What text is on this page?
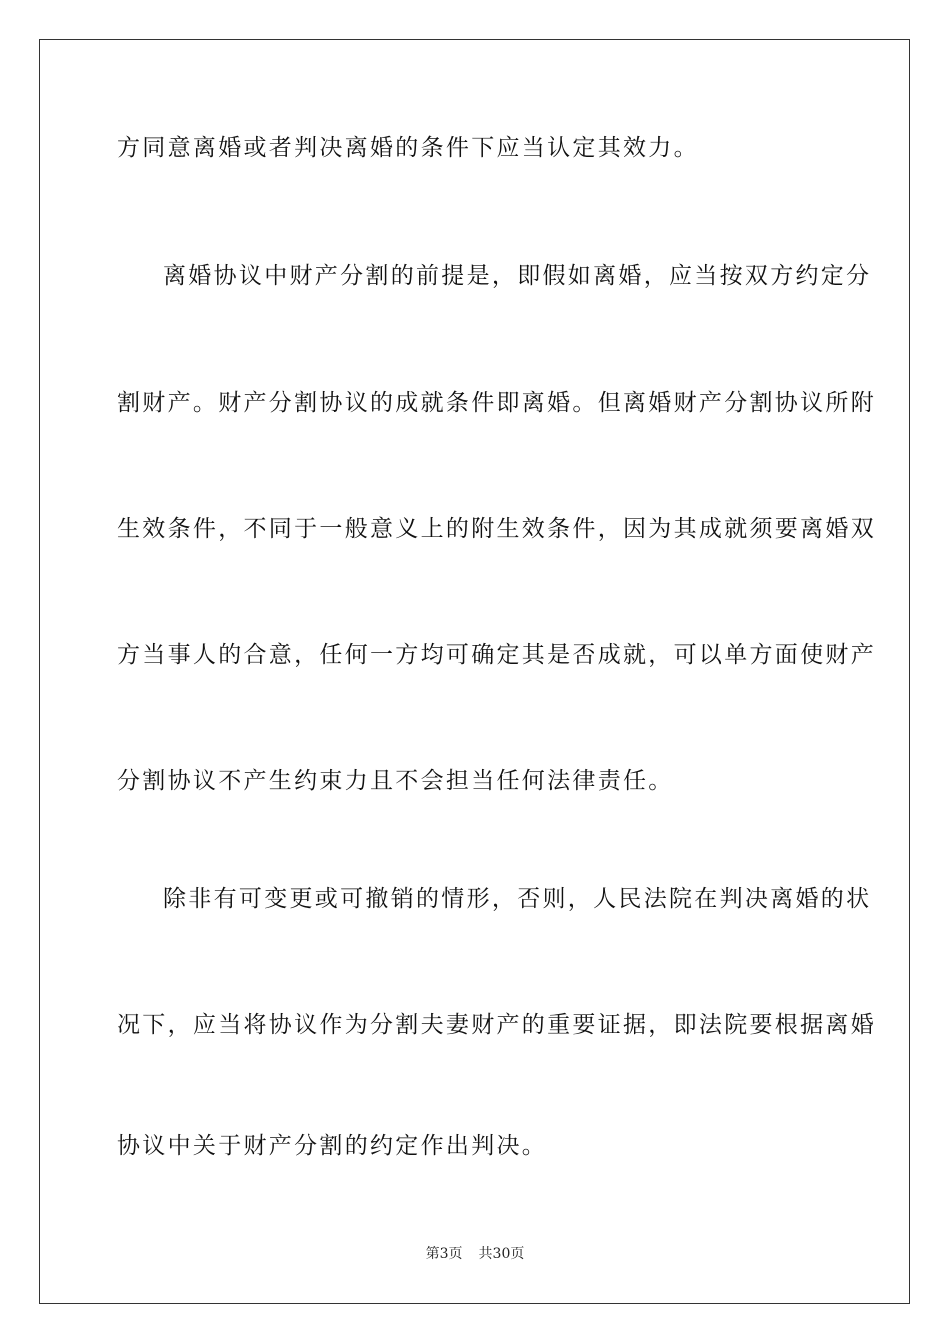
方同意离婚或者判决离婚的条件下应当认定其效力。
离婚协议中财产分割的前提是，即假如离婚，应当按双方约定分
割财产。财产分割协议的成就条件即离婚。但离婚财产分割协议所附
生效条件，不同于一般意义上的附生效条件，因为其成就须要离婚双
方当事人的合意，任何一方均可确定其是否成就，可以单方面使财产
分割协议不产生约束力且不会担当任何法律责任。
除非有可变更或可撤销的情形，否则，人民法院在判决离婚的状
况下，应当将协议作为分割夫妻财产的重要证据，即法院要根据离婚
协议中关于财产分割的约定作出判决。
第3页 共30页
